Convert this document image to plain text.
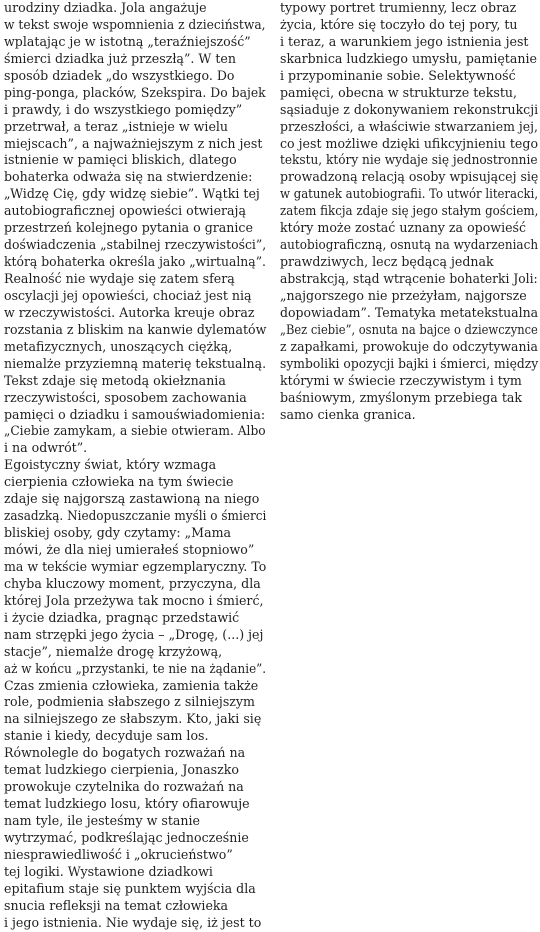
urodziny dziadka. Jola angażuje
w tekst swoje wspomnienia z dzieciństwa,
wplatając je w istotną „teraźniejszość”
śmierci dziadka już przeszłą”. W ten
sposób dziadek „do wszystkiego. Do
ping-ponga, placków, Szekspira. Do bajek
i prawdy, i do wszystkiego pomiędzy”
przetrwał, a teraz „istnieje w wielu
miejscach”, a najważniejszym z nich jest
istnienie w pamięci bliskich, dlatego
bohaterka odważa się na stwierdzenie:
„Widzę Cię, gdy widzę siebie”. Wątki tej
autobiograficznej opowieści otwierają
przestrzeń kolejnego pytania o granice
doświadczenia „stabilnej rzeczywistości”,
którą bohaterka określa jako „wirtualną”.
Realność nie wydaje się zatem sferą
oscylacji jej opowieści, chociaż jest nią
w rzeczywistości. Autorka kreuje obraz
rozstania z bliskim na kanwie dylematów
metafizycznych, unoszących ciężką,
niemalże przyziemną materię tekstualną.
Tekst zdaje się metodą okiełznania
rzeczywistości, sposobem zachowania
pamięci o dziadku i samouświadomienia:
„Ciebie zamykam, a siebie otwieram. Albo
i na odwrót”.
Egoistyczny świat, który wzmaga
cierpienia człowieka na tym świecie
zdaje się najgorszą zastawioną na niego
zasadzką. Niedopuszczanie myśli o śmierci
bliskiej osoby, gdy czytamy: „Mama
mówi, że dla niej umierałeś stopniowo”
ma w tekście wymiar egzemplaryczny. To
chyba kluczowy moment, przyczyna, dla
której Jola przeżywa tak mocno i śmierć,
i życie dziadka, pragnąc przedstawić
nam strzępki jego życia – „Drogę, (...) jej
stacje”, niemalże drogę krzyżową,
aż w końcu „przystanki, te nie na żądanie”.
Czas zmienia człowieka, zamienia także
role, podmienia słabszego z silniejszym
na silniejszego ze słabszym. Kto, jaki się
stanie i kiedy, decyduje sam los.
Równolegle do bogatych rozważań na
temat ludzkiego cierpienia, Jonaszko
prowokuje czytelnika do rozważań na
temat ludzkiego losu, który ofiarowuje
nam tyle, ile jesteśmy w stanie
wytrzymać, podkreślając jednocześnie
niesprawiedliwość i „okrucieństwo”
tej logiki. Wystawione dziadkowi
epitafium staje się punktem wyjścia dla
snucia refleksji na temat człowieka
i jego istnienia. Nie wydaje się, iż jest to
typowy portret trumienny, lecz obraz
życia, które się toczyło do tej pory, tu
i teraz, a warunkiem jego istnienia jest
skarbnica ludzkiego umysłu, pamiętanie
i przypominanie sobie. Selektywność
pamięci, obecna w strukturze tekstu,
sąsiaduje z dokonywaniem rekonstrukcji
przeszłości, a właściwie stwarzaniem jej,
co jest możliwe dzięki ufikcyjnieniu tego
tekstu, który nie wydaje się jednostronnie
prowadzoną relacją osoby wpisującej się
w gatunek autobiografii. To utwór literacki,
zatem fikcja zdaje się jego stałym gościem,
który może zostać uznany za opowieść
autobiograficzną, osnutą na wydarzeniach
prawdziwych, lecz będącą jednak
abstrakcją, stąd wtrącenie bohaterki Joli:
„najgorszego nie przeżyłam, najgorsze
dopowiadam”. Tematyka metatekstualna
„Bez ciebie”, osnuta na bajce o dziewczynce
z zapałkami, prowokuje do odczytywania
symboliki opozycji bajki i śmierci, między
którymi w świecie rzeczywistym i tym
baśniowym, zmyślonym przebiega tak
samo cienka granica.
